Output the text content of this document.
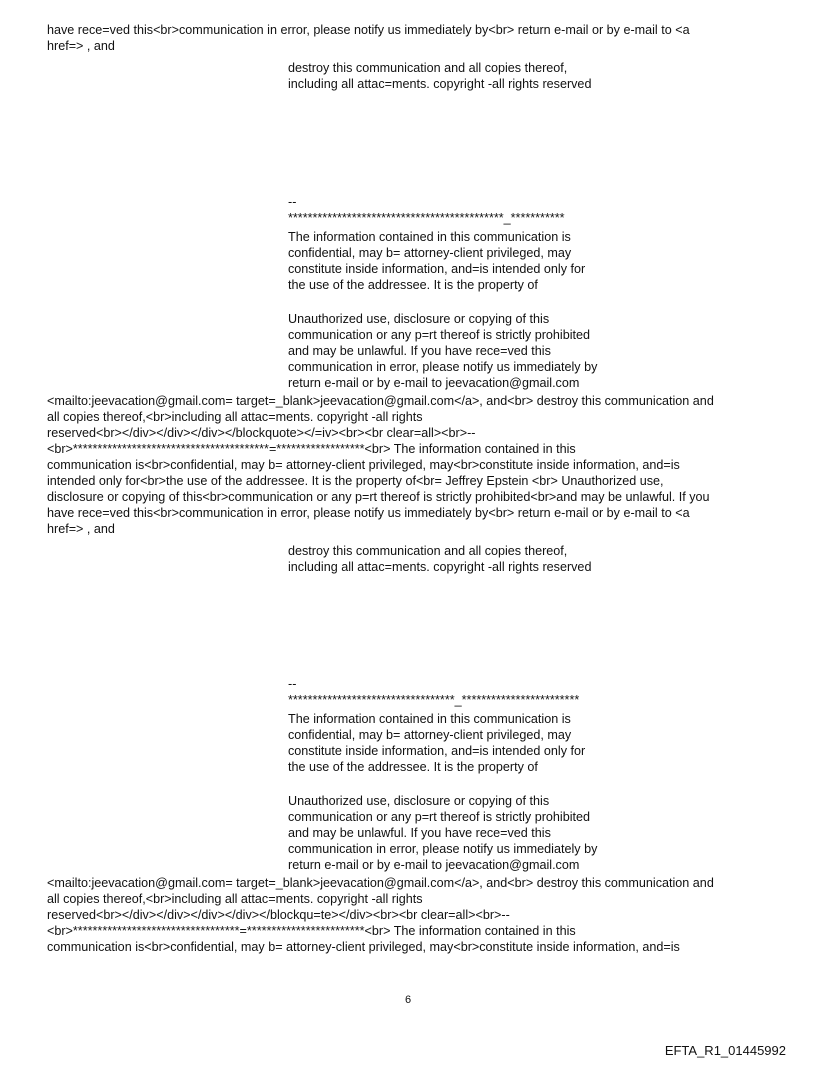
have rece=ved this<br>communication in error, please notify us immediately by<br> return e-mail or by e-mail to <a
href=> , and
destroy this communication and all copies thereof,
including all attac=ments. copyright -all rights reserved
--
********************************************_***********
The information contained in this communication is
confidential, may b= attorney-client privileged, may
constitute inside information, and=is intended only for
the use of the addressee. It is the property of
Unauthorized use, disclosure or copying of this
communication or any p=rt thereof is strictly prohibited
and may be unlawful. If you have rece=ved this
communication in error, please notify us immediately by
return e-mail or by e-mail to jeevacation@gmail.com
<mailto:jeevacation@gmail.com= target=_blank>jeevacation@gmail.com</a>, and<br> destroy this communication and
all copies thereof,<br>including all attac=ments. copyright -all rights
reserved<br></div></div></div></blockquote></=iv><br><br clear=all><br>--
<br>****************************************=******************<br> The information contained in this
communication is<br>confidential, may b= attorney-client privileged, may<br>constitute inside information, and=is
intended only for<br>the use of the addressee. It is the property of<br= Jeffrey Epstein <br> Unauthorized use,
disclosure or copying of this<br>communication or any p=rt thereof is strictly prohibited<br>and may be unlawful. If you
have rece=ved this<br>communication in error, please notify us immediately by<br> return e-mail or by e-mail to <a
href=> , and
destroy this communication and all copies thereof,
including all attac=ments. copyright -all rights reserved
--
**********************************_************************
The information contained in this communication is
confidential, may b= attorney-client privileged, may
constitute inside information, and=is intended only for
the use of the addressee. It is the property of
Unauthorized use, disclosure or copying of this
communication or any p=rt thereof is strictly prohibited
and may be unlawful. If you have rece=ved this
communication in error, please notify us immediately by
return e-mail or by e-mail to jeevacation@gmail.com
<mailto:jeevacation@gmail.com= target=_blank>jeevacation@gmail.com</a>, and<br> destroy this communication and
all copies thereof,<br>including all attac=ments. copyright -all rights
reserved<br></div></div></div></div></blockqu=te></div><br><br clear=all><br>--
<br>**********************************=************************<br> The information contained in this
communication is<br>confidential, may b= attorney-client privileged, may<br>constitute inside information, and=is
6
EFTA_R1_01445992
